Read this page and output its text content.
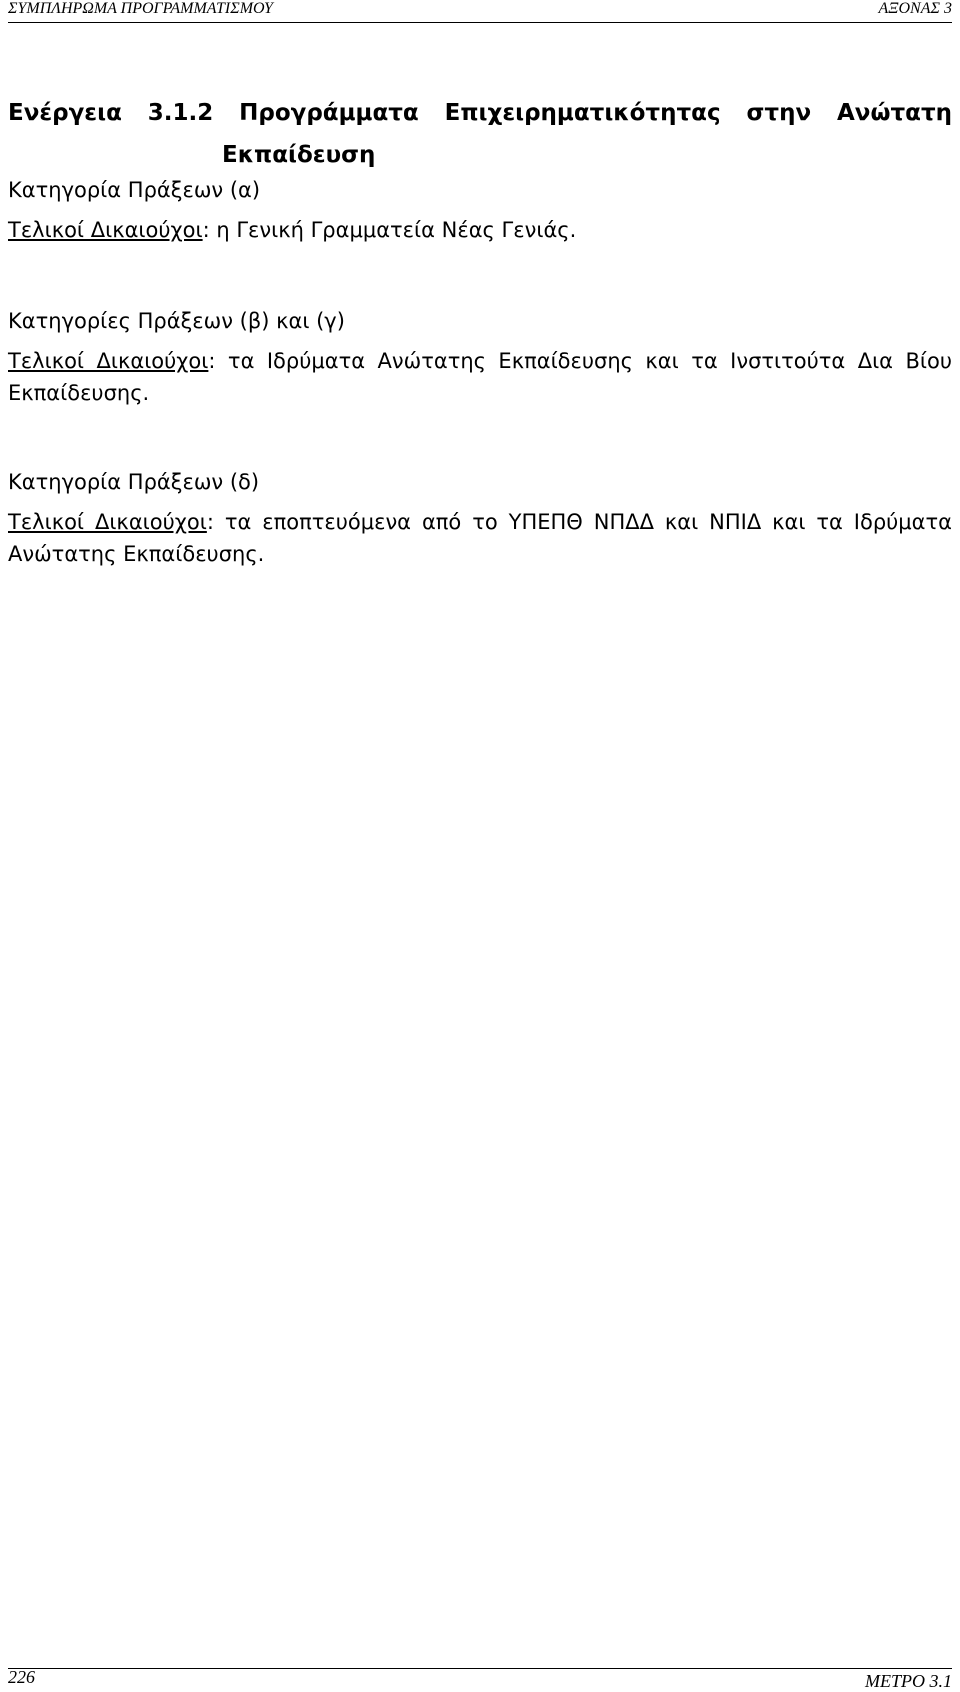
ΣΥΜΠΛΗΡΩΜΑ ΠΡΟΓΡΑΜΜΑΤΙΣΜΟΥ	ΑΞΟΝΑΣ 3
Ενέργεια 3.1.2 Προγράμματα Επιχειρηματικότητας στην Ανώτατη
Εκπαίδευση
Κατηγορία Πράξεων (α)
Τελικοί Δικαιούχοι: η Γενική Γραμματεία Νέας Γενιάς.
Κατηγορίες Πράξεων (β) και (γ)
Τελικοί Δικαιούχοι: τα Ιδρύματα Ανώτατης Εκπαίδευσης και τα Ινστιτούτα Δια Βίου Εκπαίδευσης.
Κατηγορία Πράξεων (δ)
Τελικοί Δικαιούχοι: τα εποπτευόμενα από το ΥΠΕΠΘ ΝΠΔΔ και ΝΠΙΔ και τα Ιδρύματα Ανώτατης Εκπαίδευσης.
226	ΜΕΤΡΟ 3.1
